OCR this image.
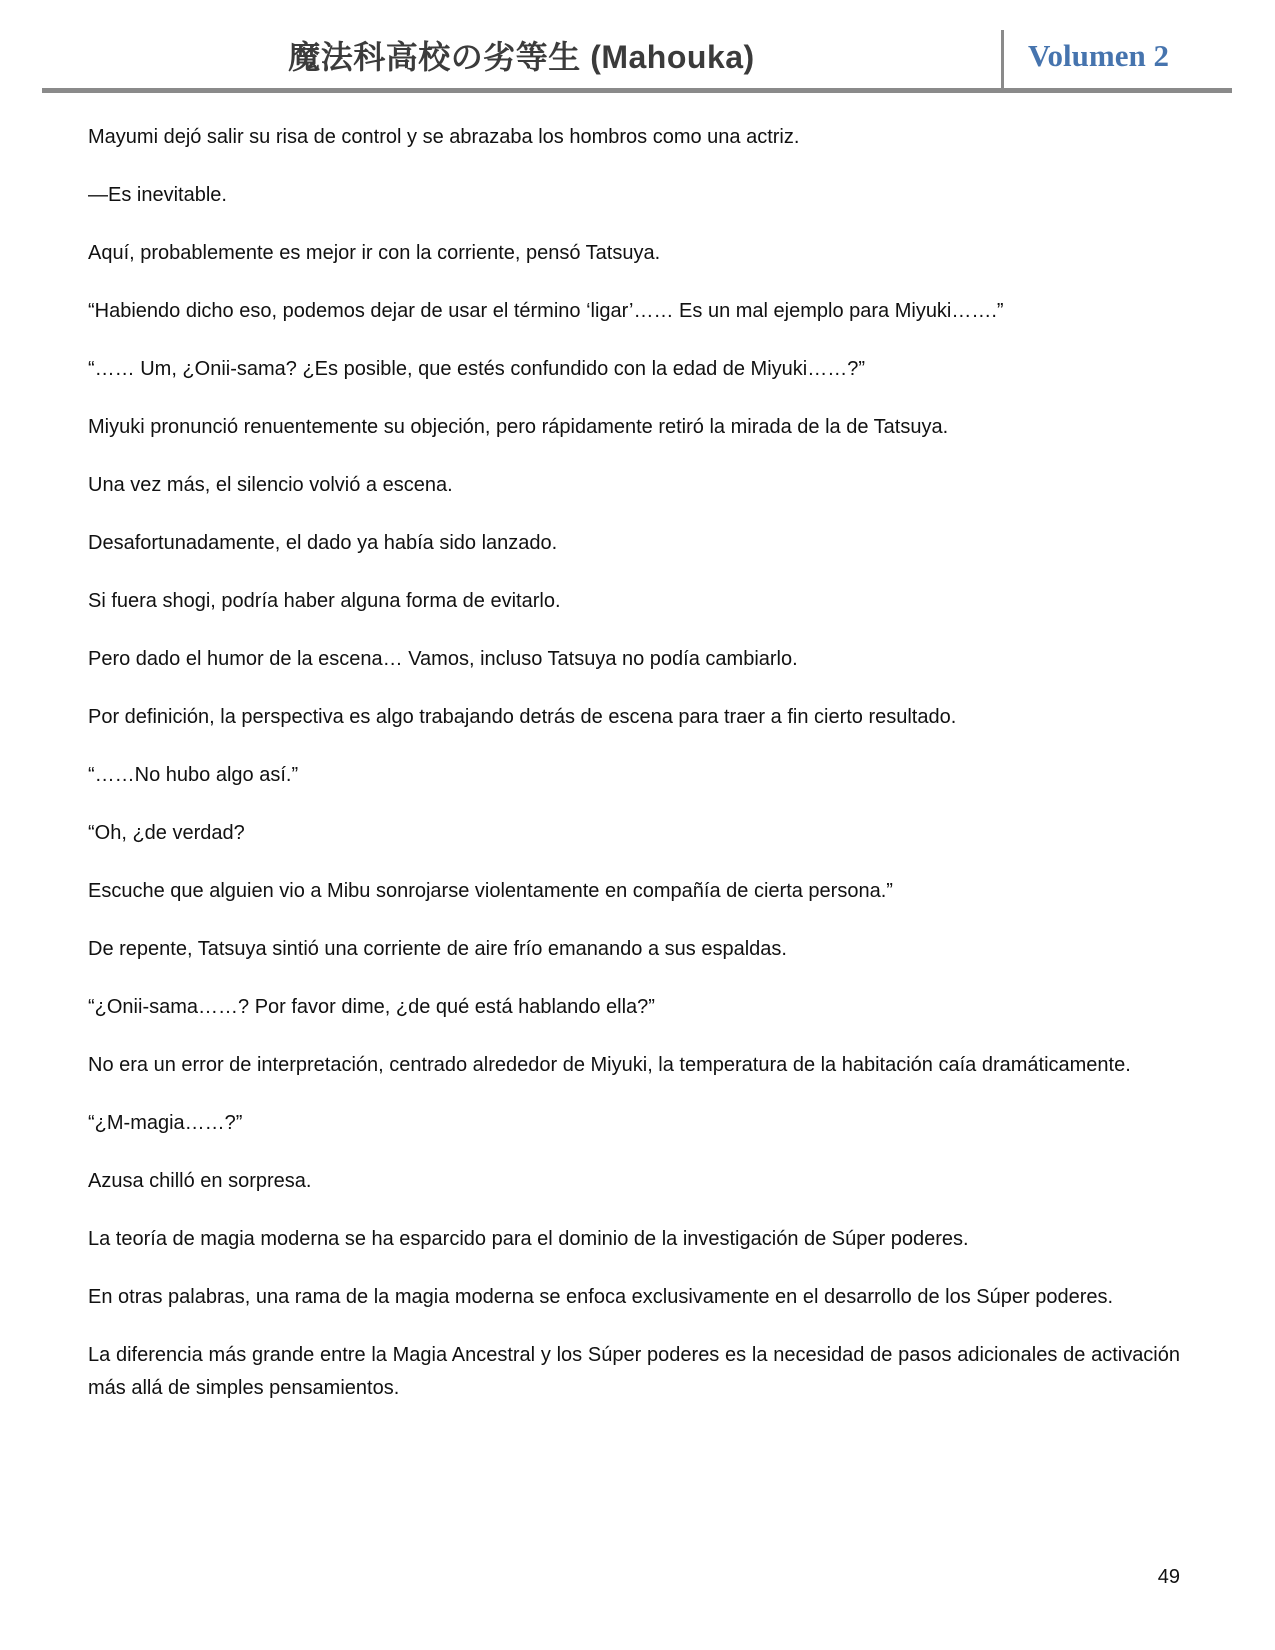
魔法科高校の劣等生 (Mahouka)	Volumen 2

Mayumi dejó salir su risa de control y se abrazaba los hombros como una actriz.

—Es inevitable.

Aquí, probablemente es mejor ir con la corriente, pensó Tatsuya.

“Habiendo dicho eso, podemos dejar de usar el término ‘ligar’…… Es un mal ejemplo para Miyuki…….”

“…… Um, ¿Onii-sama? ¿Es posible, que estés confundido con la edad de Miyuki……?”

Miyuki pronunció renuentemente su objeción, pero rápidamente retiró la mirada de la de Tatsuya.

Una vez más, el silencio volvió a escena.

Desafortunadamente, el dado ya había sido lanzado.

Si fuera shogi, podría haber alguna forma de evitarlo.

Pero dado el humor de la escena… Vamos, incluso Tatsuya no podía cambiarlo.

Por definición, la perspectiva es algo trabajando detrás de escena para traer a fin cierto resultado.

“……No hubo algo así.”

“Oh, ¿de verdad?

Escuche que alguien vio a Mibu sonrojarse violentamente en compañía de cierta persona.”

De repente, Tatsuya sintió una corriente de aire frío emanando a sus espaldas.

“¿Onii-sama……? Por favor dime, ¿de qué está hablando ella?”

No era un error de interpretación, centrado alrededor de Miyuki, la temperatura de la habitación caía dramáticamente.

“¿M-magia……?”

Azusa chilló en sorpresa.

La teoría de magia moderna se ha esparcido para el dominio de la investigación de Súper poderes.

En otras palabras, una rama de la magia moderna se enfoca exclusivamente en el desarrollo de los Súper poderes.

La diferencia más grande entre la Magia Ancestral y los Súper poderes es la necesidad de pasos adicionales de activación más allá de simples pensamientos.

49
